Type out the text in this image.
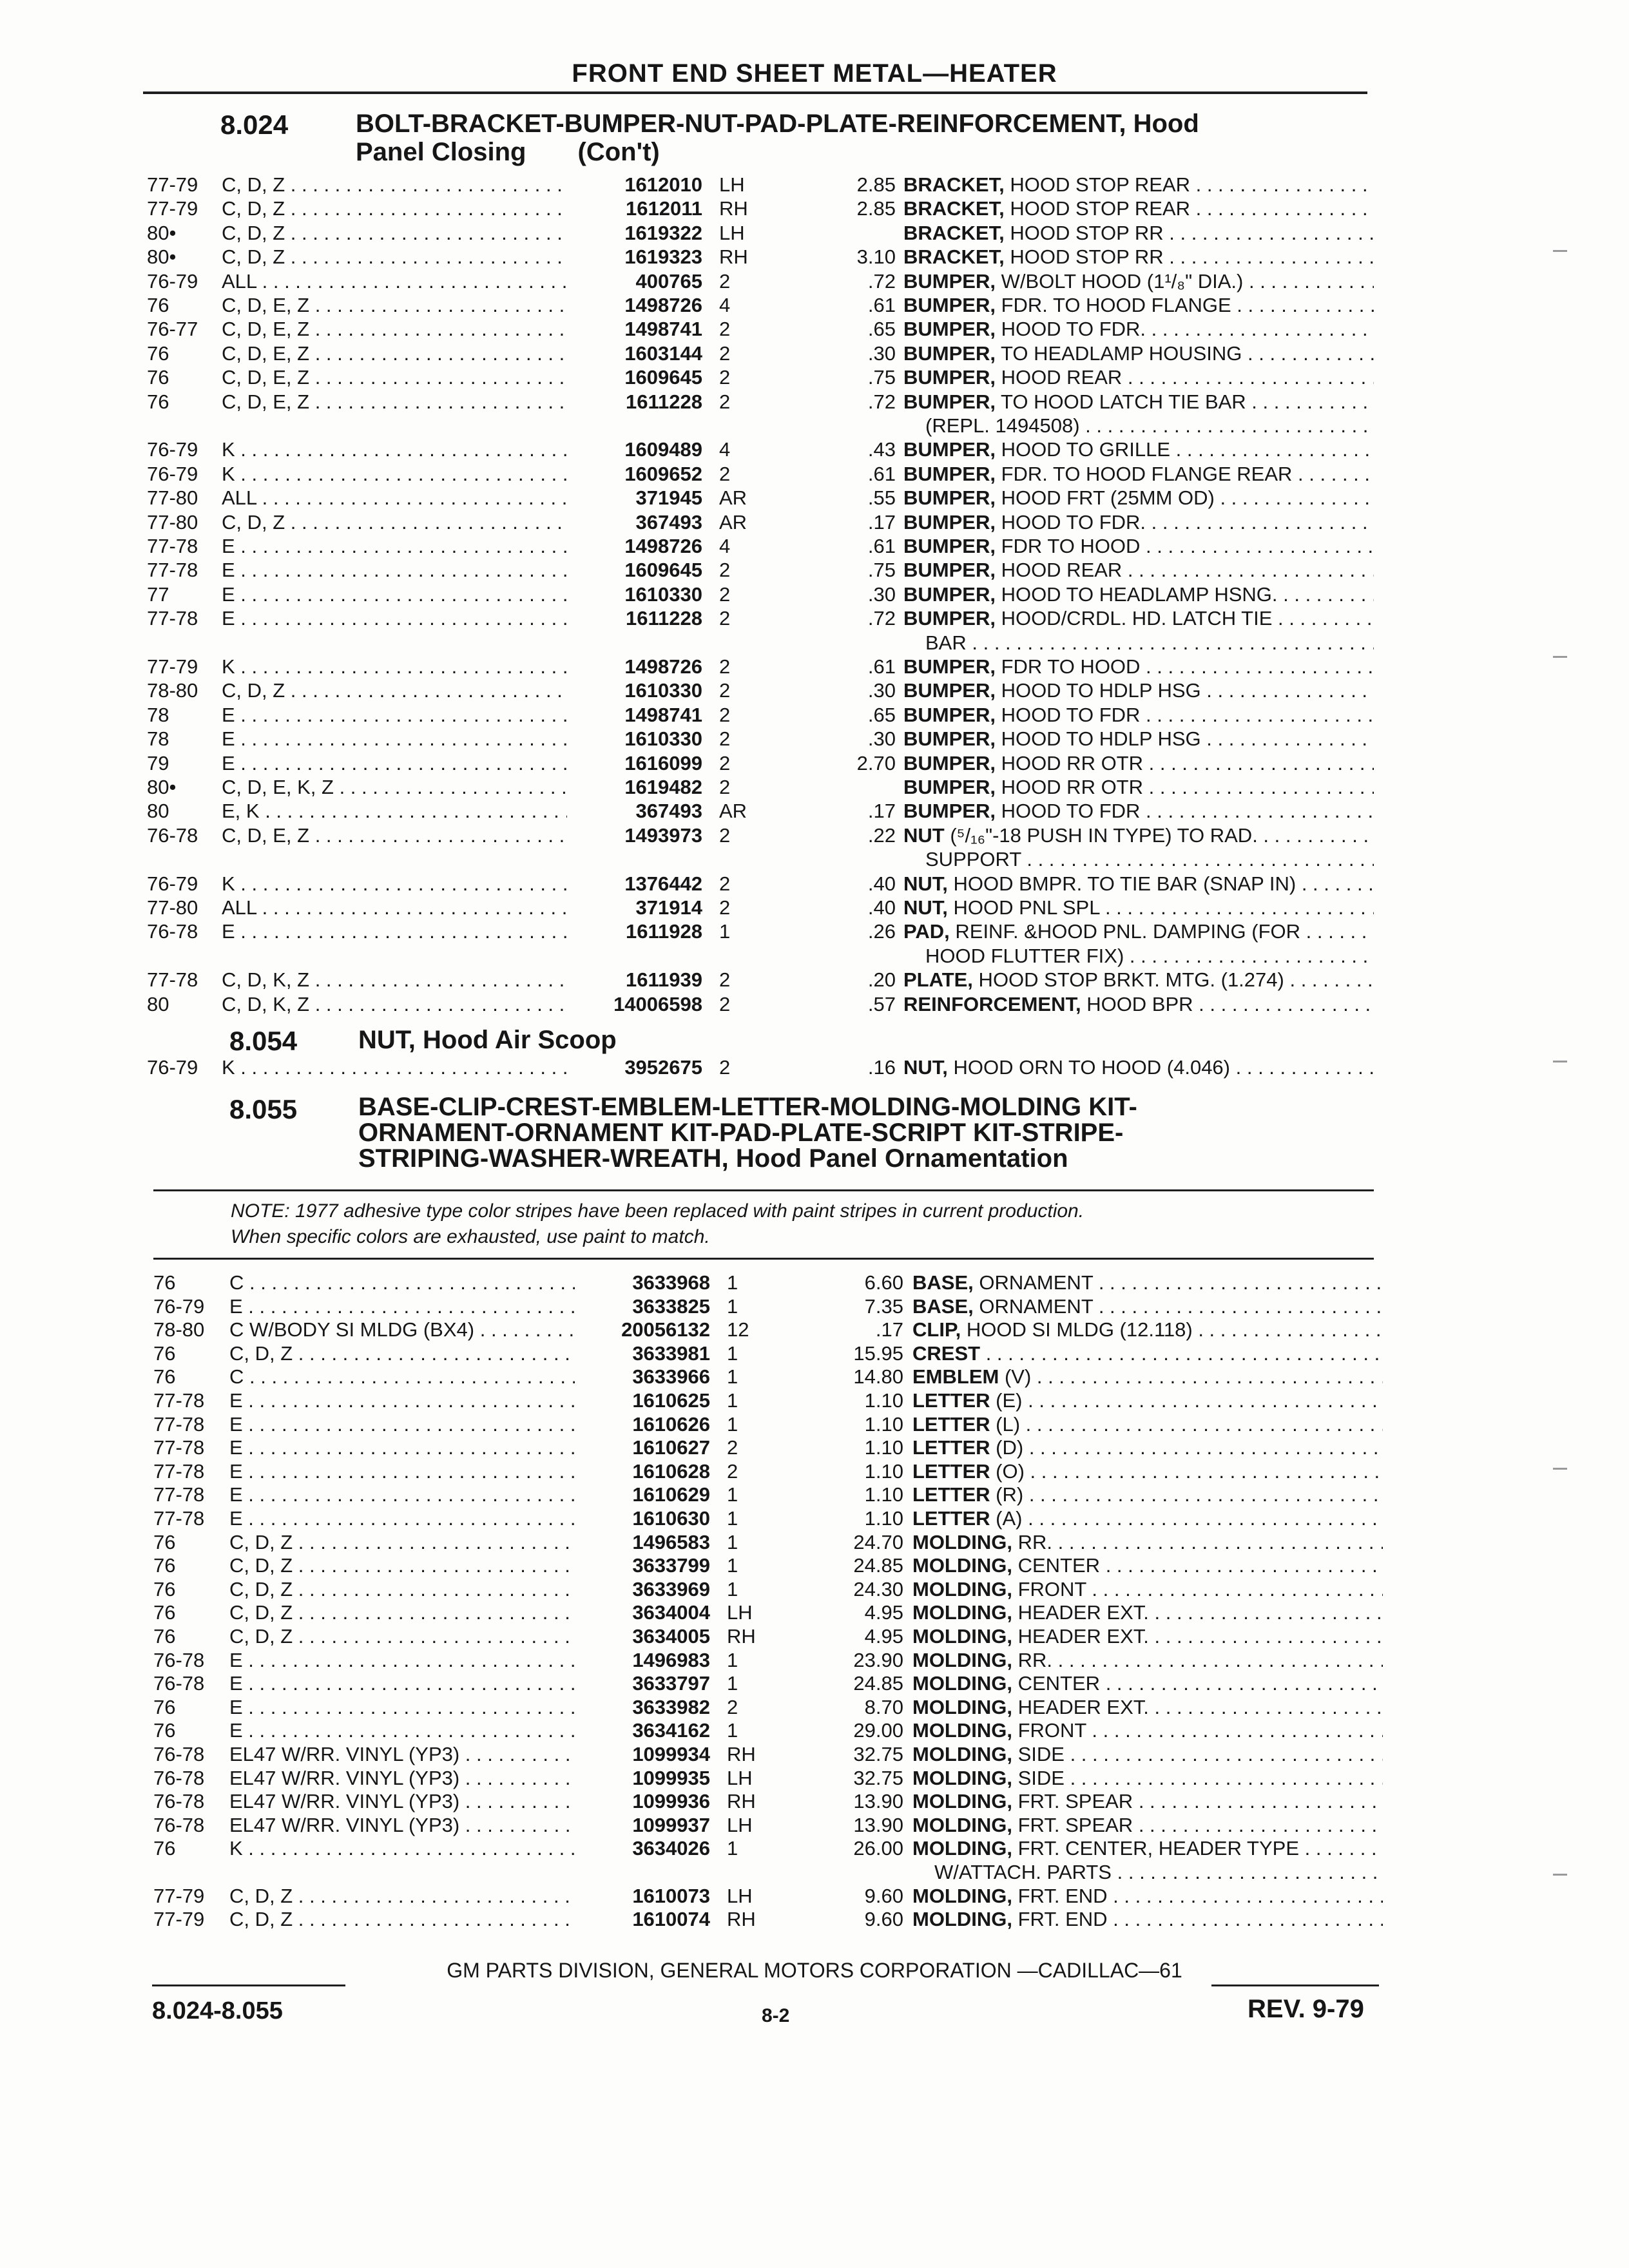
FRONT END SHEET METAL—HEATER
8.024	BOLT-BRACKET-BUMPER-NUT-PAD-PLATE-REINFORCEMENT, Hood
Panel Closing (Con't)
77-79	C, D, Z . . .	1612010 LH	2.85 BRACKET, HOOD STOP REAR . . .
77-79	C, D, Z . . .	1612011 RH	2.85 BRACKET, HOOD STOP REAR . . .
80•	C, D, Z . . .	1619322 LH	BRACKET, HOOD STOP RR . . .
80•	C, D, Z . . .	1619323 RH	3.10 BRACKET, HOOD STOP RR . . .
76-79	ALL . . .	400765 2	.72 BUMPER, W/BOLT HOOD (1¹/₈" DIA.) . . .
76	C, D, E, Z . . .	1498726 4	.61 BUMPER, FDR. TO HOOD FLANGE . . .
76-77	C, D, E, Z . . .	1498741 2	.65 BUMPER, HOOD TO FDR. . . .
76	C, D, E, Z . . .	1603144 2	.30 BUMPER, TO HEADLAMP HOUSING . . .
76	C, D, E, Z . . .	1609645 2	.75 BUMPER, HOOD REAR . . .
76	C, D, E, Z . . .	1611228 2	.72 BUMPER, TO HOOD LATCH TIE BAR . . .
(REPL. 1494508) . . .
76-79	K . . .	1609489 4	.43 BUMPER, HOOD TO GRILLE . . .
76-79	K . . .	1609652 2	.61 BUMPER, FDR. TO HOOD FLANGE REAR . . .
77-80	ALL . . .	371945 AR	.55 BUMPER, HOOD FRT (25MM OD) . . .
77-80	C, D, Z . . .	367493 AR	.17 BUMPER, HOOD TO FDR. . . .
77-78	E . . .	1498726 4	.61 BUMPER, FDR TO HOOD . . .
77-78	E . . .	1609645 2	.75 BUMPER, HOOD REAR . . .
77	E . . .	1610330 2	.30 BUMPER, HOOD TO HEADLAMP HSNG. . . .
77-78	E . . .	1611228 2	.72 BUMPER, HOOD/CRDL. HD. LATCH TIE . . .
BAR . . .
77-79	K . . .	1498726 2	.61 BUMPER, FDR TO HOOD . . .
78-80	C, D, Z . . .	1610330 2	.30 BUMPER, HOOD TO HDLP HSG . . .
78	E . . .	1498741 2	.65 BUMPER, HOOD TO FDR . . .
78	E . . .	1610330 2	.30 BUMPER, HOOD TO HDLP HSG . . .
79	E . . .	1616099 2	2.70 BUMPER, HOOD RR OTR . . .
80•	C, D, E, K, Z . . .	1619482 2	BUMPER, HOOD RR OTR . . .
80	E, K . . .	367493 AR	.17 BUMPER, HOOD TO FDR . . .
76-78	C, D, E, Z . . .	1493973 2	.22 NUT (⁵/₁₆"-18 PUSH IN TYPE) TO RAD. . . .
SUPPORT . . .
76-79	K . . .	1376442 2	.40 NUT, HOOD BMPR. TO TIE BAR (SNAP IN) . . .
77-80	ALL . . .	371914 2	.40 NUT, HOOD PNL SPL . . .
76-78	E . . .	1611928 1	.26 PAD, REINF. &HOOD PNL. DAMPING (FOR . . .
HOOD FLUTTER FIX) . . .
77-78	C, D, K, Z . . .	1611939 2	.20 PLATE, HOOD STOP BRKT. MTG. (1.274) . . .
80	C, D, K, Z . . .	14006598 2	.57 REINFORCEMENT, HOOD BPR . . .
76-79	K . . .	3952675 2	.16 NUT, HOOD ORN TO HOOD (4.046) . . .
76	C . . .	3633968 1	6.60 BASE, ORNAMENT . . .
76-79	E . . .	3633825 1	7.35 BASE, ORNAMENT . . .
78-80	C W/BODY SI MLDG (BX4) . . .	20056132 12	.17 CLIP, HOOD SI MLDG (12.118) . . .
76	C, D, Z . . .	3633981 1	15.95 CREST . . .
76	C . . .	3633966 1	14.80 EMBLEM (V) . . .
77-78	E . . .	1610625 1	1.10 LETTER (E) . . .
77-78	E . . .	1610626 1	1.10 LETTER (L) . . .
77-78	E . . .	1610627 2	1.10 LETTER (D) . . .
77-78	E . . .	1610628 2	1.10 LETTER (O) . . .
77-78	E . . .	1610629 1	1.10 LETTER (R) . . .
77-78	E . . .	1610630 1	1.10 LETTER (A) . . .
76	C, D, Z . . .	1496583 1	24.70 MOLDING, RR. . . .
76	C, D, Z . . .	3633799 1	24.85 MOLDING, CENTER . . .
76	C, D, Z . . .	3633969 1	24.30 MOLDING, FRONT . . .
76	C, D, Z . . .	3634004 LH	4.95 MOLDING, HEADER EXT. . . .
76	C, D, Z . . .	3634005 RH	4.95 MOLDING, HEADER EXT. . . .
76-78	E . . .	1496983 1	23.90 MOLDING, RR. . . .
76-78	E . . .	3633797 1	24.85 MOLDING, CENTER . . .
76	E . . .	3633982 2	8.70 MOLDING, HEADER EXT. . . .
76	E . . .	3634162 1	29.00 MOLDING, FRONT . . .
76-78	EL47 W/RR. VINYL (YP3) . . .	1099934 RH	32.75 MOLDING, SIDE . . .
76-78	EL47 W/RR. VINYL (YP3) . . .	1099935 LH	32.75 MOLDING, SIDE . . .
76-78	EL47 W/RR. VINYL (YP3) . . .	1099936 RH	13.90 MOLDING, FRT. SPEAR . . .
76-78	EL47 W/RR. VINYL (YP3) . . .	1099937 LH	13.90 MOLDING, FRT. SPEAR . . .
76	K . . .	3634026 1	26.00 MOLDING, FRT. CENTER, HEADER TYPE . . .
W/ATTACH. PARTS . . .
77-79	C, D, Z . . .	1610073 LH	9.60 MOLDING, FRT. END . . .
77-79	C, D, Z . . .	1610074 RH	9.60 MOLDING, FRT. END . . .
8.054 NUT, Hood Air Scoop
8.055 BASE-CLIP-CREST-EMBLEM-LETTER-MOLDING-MOLDING KIT-
ORNAMENT-ORNAMENT KIT-PAD-PLATE-SCRIPT KIT-STRIPE-
STRIPING-WASHER-WREATH, Hood Panel Ornamentation
NOTE: 1977 adhesive type color stripes have been replaced with paint stripes in current production.
When specific colors are exhausted, use paint to match.
GM PARTS DIVISION, GENERAL MOTORS CORPORATION —CADILLAC—61
8.024-8.055	8-2	REV. 9-79
